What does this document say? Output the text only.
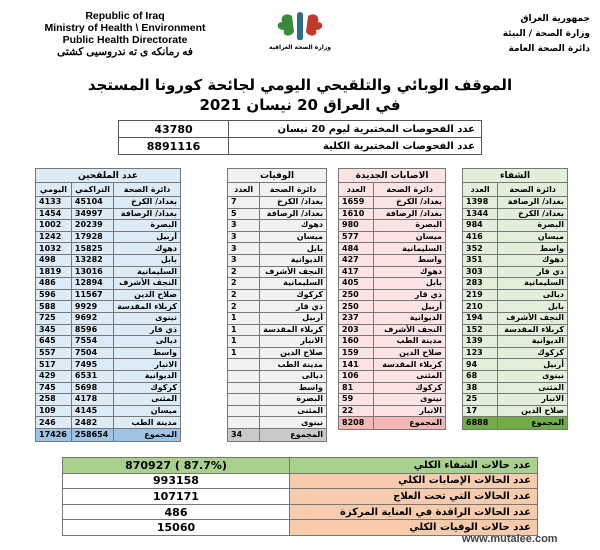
Republic of Iraq
Ministry of Health \ Environment
Public Health Directorate
فه رمانكه ى ته ندروسيى كشتى	وزارة الصحة العراقية
جمهورية العراق
وزارة الصحة / البيئة
دائرة الصحة العامة
الموقف الوبائي والتلقيحي اليومي لجائحة كورونا المستجد
في العراق 20 نيسان 2021
43780	عدد الفحوصات المختبرية ليوم 20 نيسان
8891116	عدد الفحوصات المختبرية الكلية
عدد الملقحين		
اليومي	التراكمي	دائرة الصحة
4133	45104	بغداد/ الكرخ
1454	34997	بغداد/ الرصافة
1002	20239	البصرة
1242	17928	أربيل
1032	15825	دهوك
498	13282	بابل
1819	13016	السليمانية
486	12894	النجف الأشرف
596	11567	صلاح الدين
588	9929	كربلاء المقدسة
725	9692	نينوى
345	8596	ذي قار
645	7554	ديالى
557	7504	واسط
517	7495	الانبار
429	6531	الديوانية
745	5698	كركوك
258	4178	المثنى
109	4145	ميسان
246	2482	مدينة الطب
17426	258654	المجموع
الوفيات	
العدد	دائرة الصحة
7	بغداد/ الكرخ
5	بغداد/ الرصافة
3	دهوك
3	ميسان
3	بابل
3	الديوانية
2	النجف الأشرف
2	السليمانية
2	كركوك
2	ذي قار
1	أربيل
1	كربلاء المقدسة
1	الانبار
1	صلاح الدين
	مدينة الطب
	ديالى
	واسط
	البصرة
	المثنى
	نينوى
34	المجموع
الاصابات الجديدة	
العدد	دائرة الصحة
1659	بغداد/ الكرخ
1610	بغداد/ الرصافة
980	البصرة
577	ميسان
484	السليمانية
427	واسط
417	دهوك
405	بابل
250	ذي قار
250	أربيل
237	الديوانية
203	النجف الأشرف
160	مدينة الطب
159	صلاح الدين
141	كربلاء المقدسة
106	المثنى
81	كركوك
59	نينوى
22	الانبار
8208	المجموع
الشفاء	
العدد	دائرة الصحة
1398	بغداد/ الرصافة
1344	بغداد/ الكرخ
984	البصرة
416	ميسان
352	واسط
351	دهوك
303	ذي قار
283	السليمانية
219	ديالى
210	بابل
194	النجف الأشرف
152	كربلاء المقدسة
139	الديوانية
123	كركوك
94	أربيل
68	نينوى
38	المثنى
25	الانبار
17	صلاح الدين
6888	المجموع
870927 ( 87.7%)	عدد حالات الشفاء الكلي
993158	عدد الحالات الإصابات الكلي
107171	عدد الحالات التي تحت العلاج
486	عدد الحالات الراقدة في العناية المركزة
15060	عدد حالات الوفيات الكلي
www.mutalee.com
